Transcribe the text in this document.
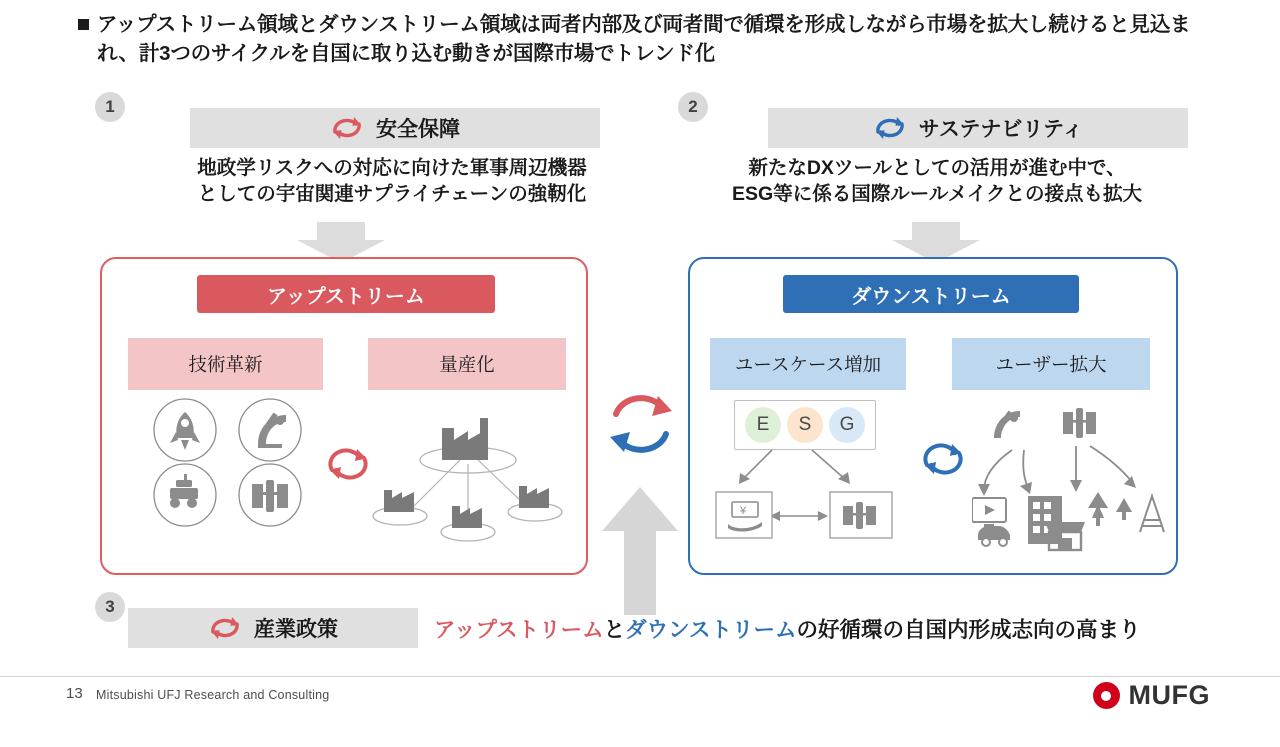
アップストリーム領域とダウンストリーム領域は両者内部及び両者間で循環を形成しながら市場を拡大し続けると見込まれ、計3つのサイクルを自国に取り込む動きが国際市場でトレンド化
1
安全保障
地政学リスクへの対応に向けた軍事周辺機器
としての宇宙関連サプライチェーンの強靭化
2
サステナビリティ
新たなDXツールとしての活用が進む中で、
ESG等に係る国際ルールメイクとの接点も拡大
アップストリーム
技術革新	量産化
ダウンストリーム
ユースケース増加	ユーザー拡大
E	S	G
¥
3
産業政策	アップストリームとダウンストリームの好循環の自国内形成志向の高まり
13 Mitsubishi UFJ Research and Consulting	MUFG
